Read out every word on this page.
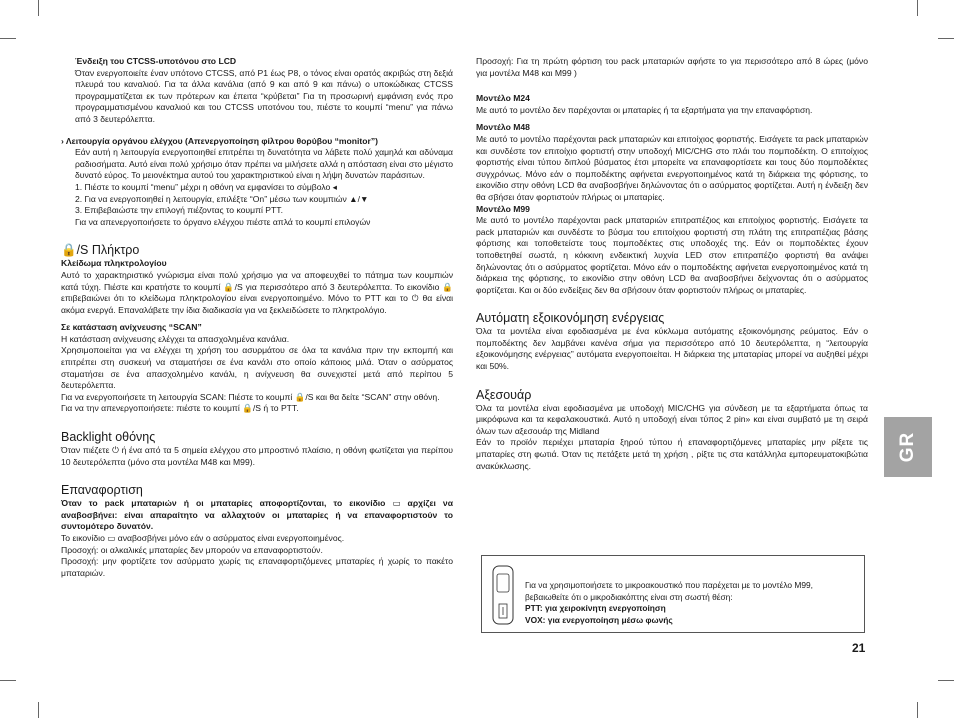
Ένδειξη του CTCSS-υποτόνου στο LCD

Όταν ενεργοποιείτε έναν υπότονο CTCSS, από P1 έως P8, ο τόνος είναι ορατός ακριβώς στη δεξιά πλευρά του καναλιού. Για τα άλλα κανάλια (από 9 και από 9 και πάνω) ο υποκώδικας CTCSS προγραμματίζεται εκ των πρότερων και έπειτα “κρύβεται” Για τη προσωρινή εμφάνιση ενός προ προγραμματισμένου καναλιού και του CTCSS υποτόνου του, πιέστε το κουμπί “menu” για πάνω από 3 δευτερόλεπτα.

› Λειτουργία οργάνου ελέγχου (Απενεργοποίηση φίλτρου θορύβου “monitor”)

Εάν αυτή η λειτουργία ενεργοποιηθεί επιτρέπει τη δυνατότητα να λάβετε πολύ χαμηλά και αδύναμα ραδιοσήματα. Αυτό είναι πολύ χρήσιμο όταν πρέπει να μιλήσετε αλλά η απόσταση είναι στο μέγιστο δυνατό εύρος. Το μειονέκτημα αυτού του χαρακτηριστικού είναι η λήψη δυνατών παράσιτων.

1. Πιέστε το κουμπί “menu” μέχρι η οθόνη να εμφανίσει το σύμβολο ◂

2. Για να ενεργοποιηθεί η λειτουργία, επιλέξτε “On” μέσω των κουμπιών ▲/▼

3. Επιβεβαιώστε την επιλογή πιέζοντας το κουμπί PTT.

Για να απενεργοποιήσετε το όργανο ελέγχου πιέστε απλά το κουμπί επιλογών

🔒/S Πλήκτρο

Κλείδωμα πληκτρολογίου

Αυτό το χαρακτηριστικό γνώρισμα είναι πολύ χρήσιμο για να αποφευχθεί το πάτημα των κουμπιών κατά τύχη. Πιέστε και κρατήστε το κουμπί 🔒/S για περισσότερο από 3 δευτερόλεπτα. Το εικονίδιο 🔒 επιβεβαιώνει ότι το κλείδωμα πληκτρολογίου είναι ενεργοποιημένο. Μόνο το PTT και το ⏻ θα είναι ακόμα ενεργά. Επαναλάβετε την ίδια διαδικασία για να ξεκλειδώσετε το πληκτρολόγιο.

Σε κατάσταση ανίχνευσης “SCAN”

Η κατάσταση ανίχνευσης ελέγχει τα απασχολημένα κανάλια.

Χρησιμοποιείται για να ελέγχει τη χρήση του ασυρμάτου σε όλα τα κανάλια πριν την εκπομπή και επιτρέπει στη συσκευή να σταματήσει σε ένα κανάλι στο οποίο κάποιος μιλά. Όταν ο ασύρματος σταματήσει σε ένα απασχολημένο κανάλι, η ανίχνευση θα συνεχιστεί μετά από περίπου 5 δευτερόλεπτα.

Για να ενεργοποιήσετε τη λειτουργία SCAN: Πιέστε το κουμπί 🔒/S και θα δείτε “SCAN” στην οθόνη.

Για να την απενεργοποιήσετε: πιέστε το κουμπί 🔒/S ή το PTT.

Backlight οθόνης

Όταν πιέζετε ⏻ ή ένα από τα 5 σημεία ελέγχου στο μπροστινό πλαίσιο, η οθόνη φωτίζεται για περίπου 10 δευτερόλεπτα (μόνο στα μοντέλα M48 και M99).

Επαναφορτιση

Όταν το pack μπαταριών ή οι μπαταρίες αποφορτίζονται, το εικονίδιο ▭ αρχίζει να αναβοσβήνει: είναι απαραίτητο να αλλαχτούν οι μπαταρίες ή να επαναφορτιστούν το συντομότερο δυνατόν.

Το εικονίδιο ▭ αναβοσβήνει μόνο εάν ο ασύρματος είναι ενεργοποιημένος.

Προσοχή: οι αλκαλικές μπαταρίες δεν μπορούν να επαναφορτιστούν.

Προσοχή: μην φορτίζετε τον ασύρματο χωρίς τις επαναφορτιζόμενες μπαταρίες ή χωρίς το πακέτο μπαταριών.

Προσοχή: Για τη πρώτη φόρτιση του pack μπαταριών αφήστε το για περισσότερο από 8 ώρες (μόνο για μοντέλα M48 και M99 )

Μοντέλο M24

Με αυτό το μοντέλο δεν παρέχονται οι μπαταρίες ή τα εξαρτήματα για την επαναφόρτιση.

Μοντέλο M48

Με αυτό το μοντέλο παρέχονται pack μπαταριών και επιτοίχιος φορτιστής. Εισάγετε τα pack μπαταριών και συνδέστε τον επιτοίχιο φορτιστή στην υποδοχή MIC/CHG στο πλάι του πομποδέκτη. Ο επιτοίχιος φορτιστής είναι τύπου διπλού βύσματος έτσι μπορείτε να επαναφορτίσετε και τους δύο πομποδέκτες συγχρόνως. Μόνο εάν ο πομποδέκτης αφήνεται ενεργοποιημένος κατά τη διάρκεια της φόρτισης, το εικονίδιο στην οθόνη LCD θα αναβοσβήνει δηλώνοντας ότι ο ασύρματος φορτίζεται. Αυτή η ένδειξη δεν θα σβήσει όταν φορτιστούν πλήρως οι μπαταρίες.

Μοντέλο M99

Με αυτό το μοντέλο παρέχονται pack μπαταριών επιτραπέζιος και επιτοίχιος φορτιστής. Εισάγετε τα pack μπαταριών και συνδέστε το βύσμα του επιτοίχιου φορτιστή στη πλάτη της επιτραπέζιας βάσης φόρτισης και τοποθετείστε τους πομποδέκτες στις υποδοχές της. Εάν οι πομποδέκτες έχουν τοποθετηθεί σωστά, η κόκκινη ενδεικτική λυχνία LED στον επιτραπέζιο φορτιστή θα ανάψει δηλώνοντας ότι ο ασύρματος φορτίζεται. Μόνο εάν ο πομποδέκτης αφήνεται ενεργοποιημένος κατά τη διάρκεια της φόρτισης, το εικονίδιο στην οθόνη LCD θα αναβοσβήνει δείχνοντας ότι ο ασύρματος φορτίζεται. Και οι δύο ενδείξεις δεν θα σβήσουν όταν φορτιστούν πλήρως οι μπαταρίες.

Αυτόματη εξοικονόμηση ενέργειας

Όλα τα μοντέλα είναι εφοδιασμένα με ένα κύκλωμα αυτόματης εξοικονόμησης ρεύματος. Εάν ο πομποδέκτης δεν λαμβάνει κανένα σήμα για περισσότερο από 10 δευτερόλεπτα, η “λειτουργία εξοικονόμησης ενέργειας” αυτόματα ενεργοποιείται. Η διάρκεια της μπαταρίας μπορεί να αυξηθεί μέχρι και 50%.

Αξεσουάρ

Όλα τα μοντέλα είναι εφοδιασμένα με υποδοχή MIC/CHG για σύνδεση με τα εξαρτήματα όπως τα μικρόφωνα και τα κεφαλακουστικά. Αυτό η υποδοχή είναι τύπος 2 pin» και είναι συμβατό με τη σειρά όλων των αξεσουάρ της Midland

Εάν το προϊόν περιέχει μπαταρία ξηρού τύπου ή επαναφορτιζόμενες μπαταρίες μην ρίξετε τις μπαταρίες στη φωτιά. Όταν τις πετάξετε μετά τη χρήση , ρίξτε τις στα κατάλληλα εμπορευματοκιβώτια ανακύκλωσης.

GR

Για να χρησιμοποιήσετε το μικροακουστικό που παρέχεται με το μοντέλο M99,

βεβαιωθείτε ότι ο μικροδιακόπτης είναι στη σωστή θέση:

PTT: για χειροκίνητη ενεργοποίηση

VOX: για ενεργοποίηση μέσω φωνής

21
